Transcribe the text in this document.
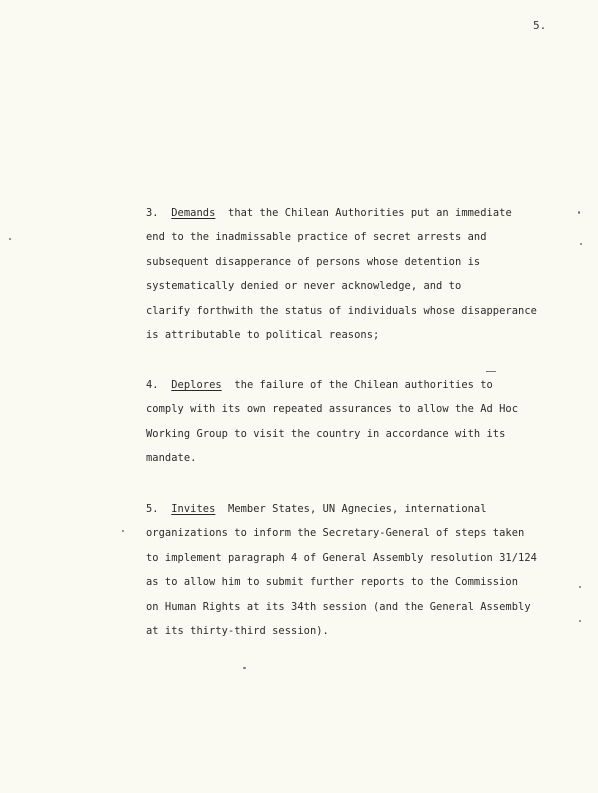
5.
3. Demands that the Chilean Authorities put an immediate
end to the inadmissable practice of secret arrests and
subsequent disapperance of persons whose detention is
systematically denied or never acknowledge, and to
clarify forthwith the status of individuals whose disapperance
is attributable to political reasons;
4. Deplores the failure of the Chilean authorities to
comply with its own repeated assurances to allow the Ad Hoc
Working Group to visit the country in accordance with its
mandate.
5. Invites Member States, UN Agnecies, international
organizations to inform the Secretary-General of steps taken
to implement paragraph 4 of General Assembly resolution 31/124
as to allow him to submit further reports to the Commission
on Human Rights at its 34th session (and the General Assembly
at its thirty-third session).
